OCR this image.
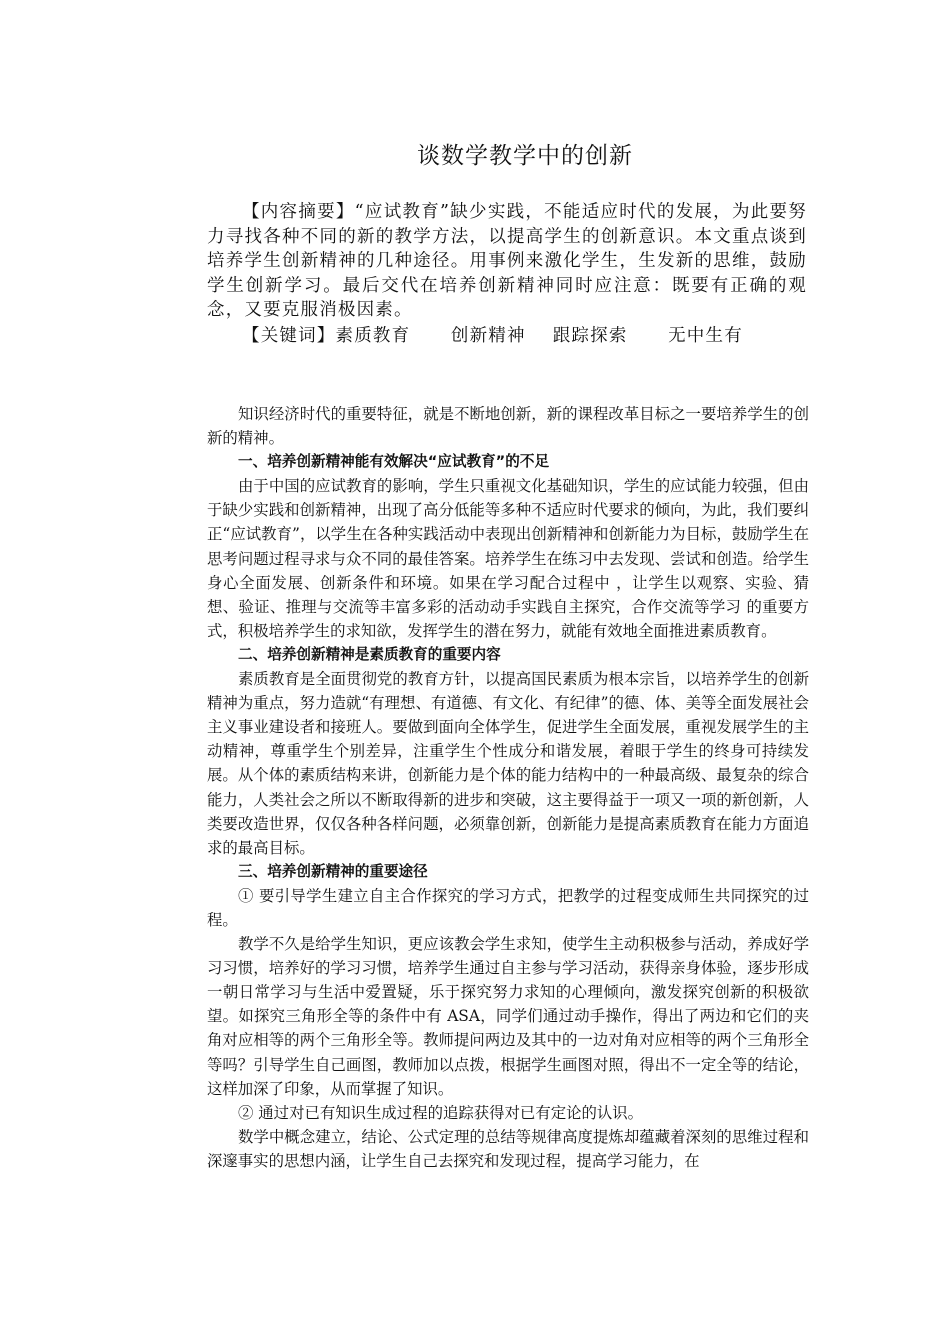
谈数学教学中的创新
【内容摘要】“应试教育”缺少实践，不能适应时代的发展，为此要努力寻找各种不同的新的教学方法，以提高学生的创新意识。本文重点谈到培养学生创新精神的几种途径。用事例来激化学生，生发新的思维，鼓励学生创新学习。最后交代在培养创新精神同时应注意：既要有正确的观念，又要克服消极因素。
【关键词】素质教育      创新精神    跟踪探索      无中生有

知识经济时代的重要特征，就是不断地创新，新的课程改革目标之一要培养学生的创新的精神。

一、培养创新精神能有效解决“应试教育”的不足

由于中国的应试教育的影响，学生只重视文化基础知识，学生的应试能力较强，但由于缺少实践和创新精神，出现了高分低能等多种不适应时代要求的倾向，为此，我们要纠正“应试教育”，以学生在各种实践活动中表现出创新精神和创新能力为目标，鼓励学生在思考问题过程寻求与众不同的最佳答案。培养学生在练习中去发现、尝试和创造。给学生身心全面发展、创新条件和环境。如果在学习配合过程中 ，让学生以观察、实验、猜想、验证、推理与交流等丰富多彩的活动动手实践自主探究，合作交流等学习 的重要方式，积极培养学生的求知欲，发挥学生的潜在努力，就能有效地全面推进素质教育。

二、培养创新精神是素质教育的重要内容

素质教育是全面贯彻党的教育方针，以提高国民素质为根本宗旨，以培养学生的创新精神为重点，努力造就“有理想、有道德、有文化、有纪律”的德、体、美等全面发展社会主义事业建设者和接班人。要做到面向全体学生，促进学生全面发展，重视发展学生的主动精神，尊重学生个别差异，注重学生个性成分和谐发展，着眼于学生的终身可持续发展。从个体的素质结构来讲，创新能力是个体的能力结构中的一种最高级、最复杂的综合能力，人类社会之所以不断取得新的进步和突破，这主要得益于一项又一项的新创新，人类要改造世界，仅仅各种各样问题，必须靠创新，创新能力是提高素质教育在能力方面追求的最高目标。

三、培养创新精神的重要途径

① 要引导学生建立自主合作探究的学习方式，把教学的过程变成师生共同探究的过程。

教学不久是给学生知识，更应该教会学生求知，使学生主动积极参与活动，养成好学习习惯，培养好的学习习惯，培养学生通过自主参与学习活动，获得亲身体验，逐步形成一朝日常学习与生活中爱置疑，乐于探究努力求知的心理倾向，激发探究创新的积极欲望。如探究三角形全等的条件中有 ASA，同学们通过动手操作，得出了两边和它们的夹角对应相等的两个三角形全等。教师提问两边及其中的一边对角对应相等的两个三角形全等吗？引导学生自己画图，教师加以点拨，根据学生画图对照，得出不一定全等的结论，这样加深了印象，从而掌握了知识。

② 通过对已有知识生成过程的追踪获得对已有定论的认识。

数学中概念建立，结论、公式定理的总结等规律高度提炼却蕴藏着深刻的思维过程和深邃事实的思想内涵，让学生自己去探究和发现过程，提高学习能力，在
